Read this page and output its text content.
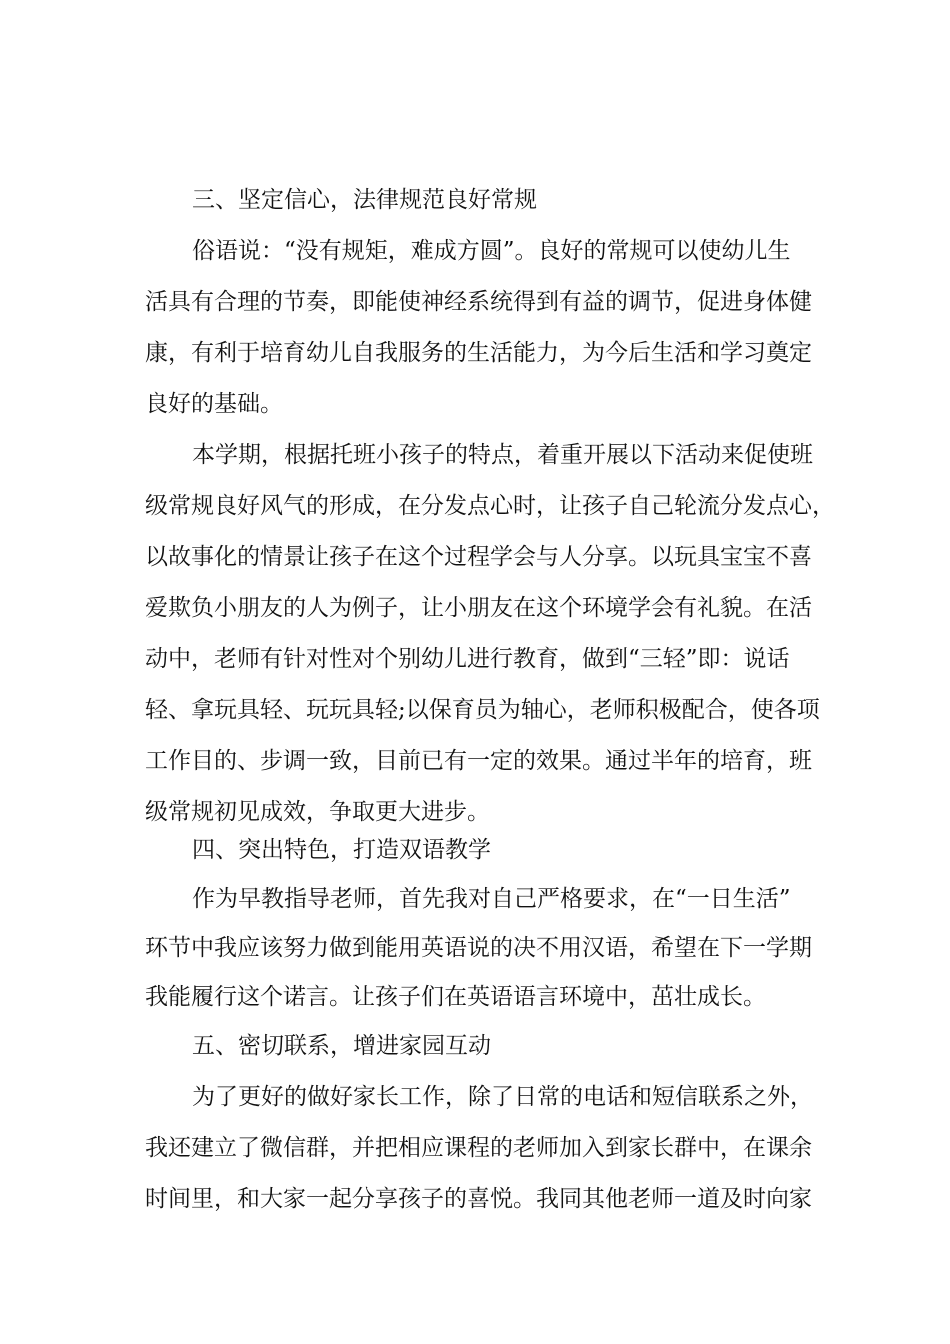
三、坚定信心，法律规范良好常规
俗语说：“没有规矩，难成方圆”。良好的常规可以使幼儿生
活具有合理的节奏，即能使神经系统得到有益的调节，促进身体健
康，有利于培育幼儿自我服务的生活能力，为今后生活和学习奠定
良好的基础。
本学期，根据托班小孩子的特点，着重开展以下活动来促使班
级常规良好风气的形成，在分发点心时，让孩子自己轮流分发点心，
以故事化的情景让孩子在这个过程学会与人分享。以玩具宝宝不喜
爱欺负小朋友的人为例子，让小朋友在这个环境学会有礼貌。在活
动中，老师有针对性对个别幼儿进行教育，做到“三轻”即：说话
轻、拿玩具轻、玩玩具轻;以保育员为轴心，老师积极配合，使各项
工作目的、步调一致，目前已有一定的效果。通过半年的培育，班
级常规初见成效，争取更大进步。
四、突出特色，打造双语教学
作为早教指导老师，首先我对自己严格要求，在“一日生活”
环节中我应该努力做到能用英语说的决不用汉语，希望在下一学期
我能履行这个诺言。让孩子们在英语语言环境中，茁壮成长。
五、密切联系，增进家园互动
为了更好的做好家长工作，除了日常的电话和短信联系之外，
我还建立了微信群，并把相应课程的老师加入到家长群中，在课余
时间里，和大家一起分享孩子的喜悦。我同其他老师一道及时向家
